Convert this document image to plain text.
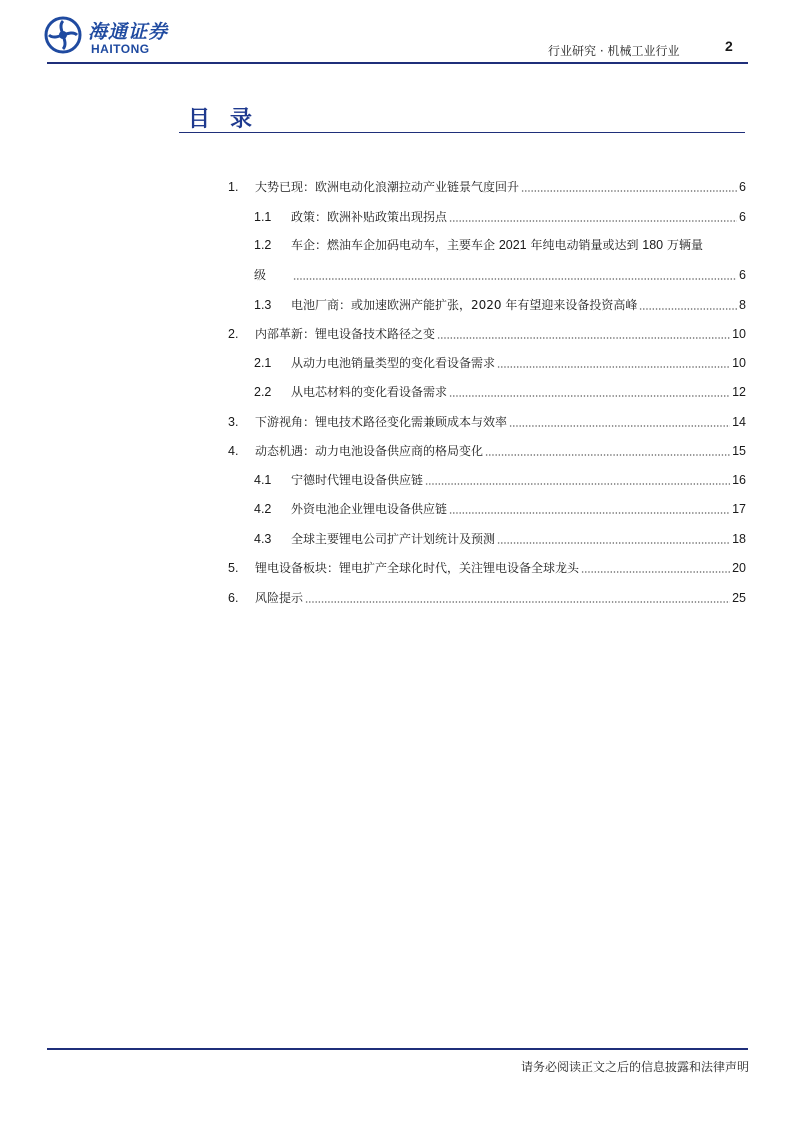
海通证券
HAITONG	行业研究 · 机械工业行业	2
目录
1.	大势已现：欧洲电动化浪潮拉动产业链景气度回升	6
1.1	政策：欧洲补贴政策出现拐点	6
1.2	车企：燃油车企加码电动车，主要车企 2021 年纯电动销量或达到 180 万辆量
级	6
1.3	电池厂商：或加速欧洲产能扩张，2020 年有望迎来设备投资高峰	8
2.	内部革新：锂电设备技术路径之变	10
2.1	从动力电池销量类型的变化看设备需求	10
2.2	从电芯材料的变化看设备需求	12
3.	下游视角：锂电技术路径变化需兼顾成本与效率	14
4.	动态机遇：动力电池设备供应商的格局变化	15
4.1	宁德时代锂电设备供应链	16
4.2	外资电池企业锂电设备供应链	17
4.3	全球主要锂电公司扩产计划统计及预测	18
5.	锂电设备板块：锂电扩产全球化时代，关注锂电设备全球龙头	20
6.	风险提示	25
请务必阅读正文之后的信息披露和法律声明
